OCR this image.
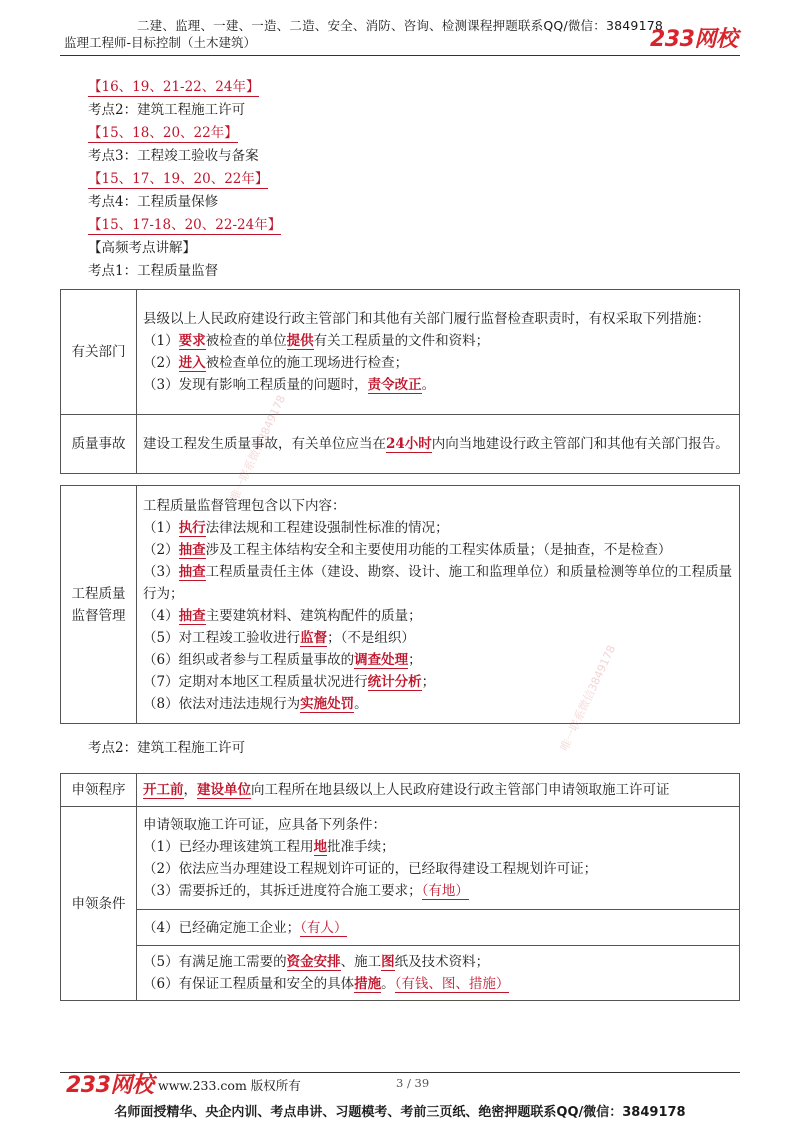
二建、监理、一建、一造、二造、安全、消防、咨询、检测课程押题联系QQ/微信：3849178
监理工程师-目标控制（土木建筑）	233网校
【16、19、21-22、24年】
考点2：建筑工程施工许可
【15、18、20、22年】
考点3：工程竣工验收与备案
【15、17、19、20、22年】
考点4：工程质量保修
【15、17-18、20、22-24年】
【高频考点讲解】
考点1：工程质量监督
有关部门	县级以上人民政府建设行政主管部门和其他有关部门履行监督检查职责时，有权采取下列措施：
（1）要求被检查的单位提供有关工程质量的文件和资料；
（2）进入被检查单位的施工现场进行检查；
（3）发现有影响工程质量的问题时，责令改正。

质量事故	建设工程发生质量事故，有关单位应当在24小时内向当地建设行政主管部门和其他有关部门报告。
工程质量
监督管理

工程质量监督管理包含以下内容：
（1）执行法律法规和工程建设强制性标准的情况；
（2）抽查涉及工程主体结构安全和主要使用功能的工程实体质量；（是抽查，不是检查）
（3）抽查工程质量责任主体（建设、勘察、设计、施工和监理单位）和质量检测等单位的工程质量行为；
（4）抽查主要建筑材料、建筑构配件的质量；
（5）对工程竣工验收进行监督；（不是组织）
（6）组织或者参与工程质量事故的调查处理；
（7）定期对本地区工程质量状况进行统计分析；
（8）依法对违法违规行为实施处罚。
考点2：建筑工程施工许可
申领程序	开工前，建设单位向工程所在地县级以上人民政府建设行政主管部门申请领取施工许可证
申领条件	申请领取施工许可证，应具备下列条件：
（1）已经办理该建筑工程用地批准手续；
（2）依法应当办理建设工程规划许可证的，已经取得建设工程规划许可证；
（3）需要拆迁的，其拆迁进度符合施工要求；（有地）

	（4）已经确定施工企业；（有人）

	（5）有满足施工需要的资金安排、施工图纸及技术资料；
（6）有保证工程质量和安全的具体措施。（有钱、图、措施）
唯一联系微信3849178
唯一联系微信3849178
233网校 www.233.com 版权所有	3 / 39
名师面授精华、央企内训、考点串讲、习题模考、考前三页纸、绝密押题联系QQ/微信：3849178
